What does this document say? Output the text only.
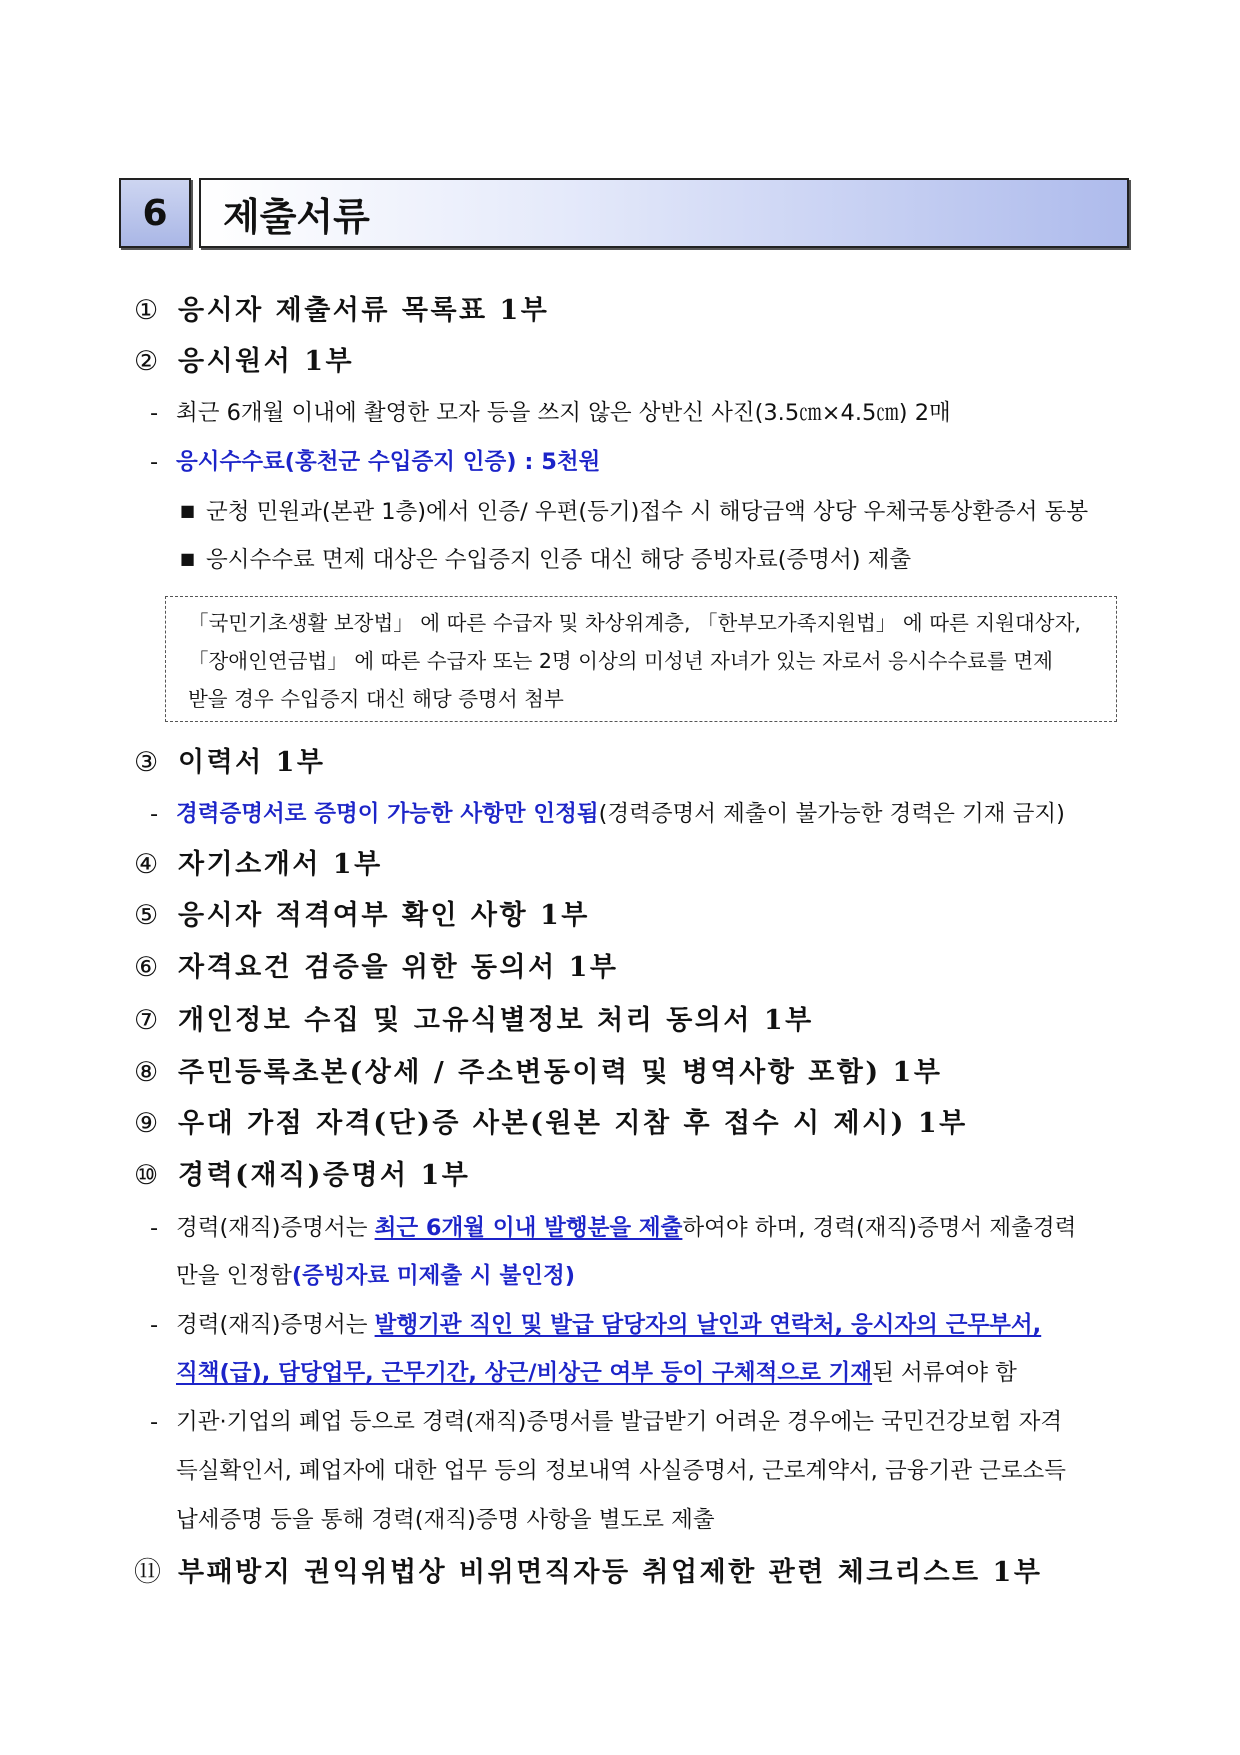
6	제출서류
① 응시자 제출서류 목록표 1부
② 응시원서 1부
- 최근 6개월 이내에 촬영한 모자 등을 쓰지 않은 상반신 사진(3.5㎝×4.5㎝) 2매
- 응시수수료(홍천군 수입증지 인증) : 5천원
■ 군청 민원과(본관 1층)에서 인증/ 우편(등기)접수 시 해당금액 상당 우체국통상환증서 동봉
■ 응시수수료 면제 대상은 수입증지 인증 대신 해당 증빙자료(증명서) 제출
「국민기초생활 보장법」 에 따른 수급자 및 차상위계층, 「한부모가족지원법」 에 따른 지원대상자,
「장애인연금법」 에 따른 수급자 또는 2명 이상의 미성년 자녀가 있는 자로서 응시수수료를 면제
받을 경우 수입증지 대신 해당 증명서 첨부
③ 이력서 1부
- 경력증명서로 증명이 가능한 사항만 인정됨(경력증명서 제출이 불가능한 경력은 기재 금지)
④ 자기소개서 1부
⑤ 응시자 적격여부 확인 사항 1부
⑥ 자격요건 검증을 위한 동의서 1부
⑦ 개인정보 수집 및 고유식별정보 처리 동의서 1부
⑧ 주민등록초본(상세 / 주소변동이력 및 병역사항 포함) 1부
⑨ 우대 가점 자격(단)증 사본(원본 지참 후 접수 시 제시) 1부
⑩ 경력(재직)증명서 1부
- 경력(재직)증명서는 최근 6개월 이내 발행분을 제출하여야 하며, 경력(재직)증명서 제출경력
만을 인정함(증빙자료 미제출 시 불인정)
- 경력(재직)증명서는 발행기관 직인 및 발급 담당자의 날인과 연락처, 응시자의 근무부서,
직책(급), 담당업무, 근무기간, 상근/비상근 여부 등이 구체적으로 기재된 서류여야 함
- 기관·기업의 폐업 등으로 경력(재직)증명서를 발급받기 어려운 경우에는 국민건강보험 자격
득실확인서, 폐업자에 대한 업무 등의 정보내역 사실증명서, 근로계약서, 금융기관 근로소득
납세증명 등을 통해 경력(재직)증명 사항을 별도로 제출
⑪ 부패방지 권익위법상 비위면직자등 취업제한 관련 체크리스트 1부
